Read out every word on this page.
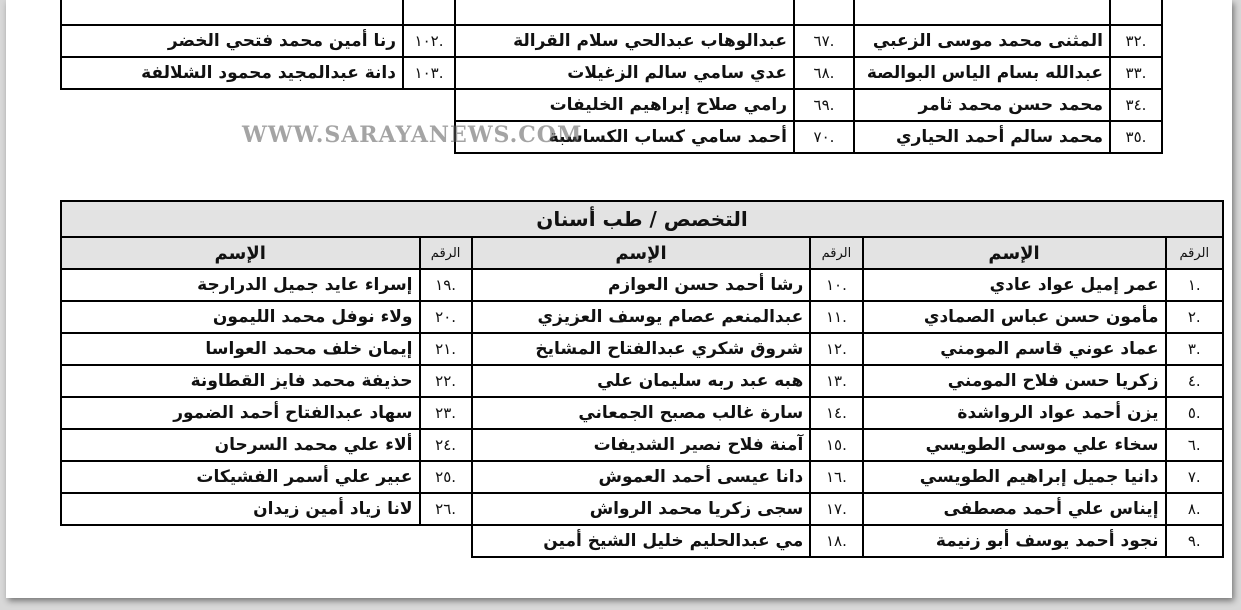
.٣٢	المثنى محمد موسى الزعبي	.٦٧	عبدالوهاب عبدالحي سلام القرالة
.٣٣	عبدالله بسام الياس البوالصة	.٦٨	عدي سامي سالم الزغيلات
.٣٤	محمد حسن محمد ثامر	.٦٩	رامي صلاح إبراهيم الخليفات
.٣٥	محمد سالم أحمد الحياري	.٧٠	أحمد سامي كساب الكساسبة

.١٠٢	رنا أمين محمد فتحي الخضر
.١٠٣	دانة عبدالمجيد محمود الشلالفة
WWW.SARAYANEWS.COM
التخصص / طب أسنان					
الرقم	الإسم	الرقم	الإسم	الرقم	الإسم
.١	عمر إميل عواد عادي	.١٠	رشا أحمد حسن العوازم	.١٩	إسراء عايد جميل الدرارجة
.٢	مأمون حسن عباس الصمادي	.١١	عبدالمنعم عصام يوسف العزيزي	.٢٠	ولاء نوفل محمد الليمون
.٣	عماد عوني قاسم المومني	.١٢	شروق شكري عبدالفتاح المشايخ	.٢١	إيمان خلف محمد العواسا
.٤	زكريا حسن فلاح المومني	.١٣	هبه عبد ربه سليمان علي	.٢٢	حذيفة محمد فايز القطاونة
.٥	يزن أحمد عواد الرواشدة	.١٤	سارة غالب مصبح الجمعاني	.٢٣	سهاد عبدالفتاح أحمد الضمور
.٦	سخاء علي موسى الطويسي	.١٥	آمنة فلاح نصير الشديفات	.٢٤	ألاء علي محمد السرحان
.٧	دانيا جميل إبراهيم الطويسي	.١٦	دانا عيسى أحمد العموش	.٢٥	عبير علي أسمر الفشيكات
.٨	إيناس علي أحمد مصطفى	.١٧	سجى زكريا محمد الرواش	.٢٦	لانا زياد أمين زيدان
.٩	نجود أحمد يوسف أبو زنيمة	.١٨	مي عبدالحليم خليل الشيخ أمين		
